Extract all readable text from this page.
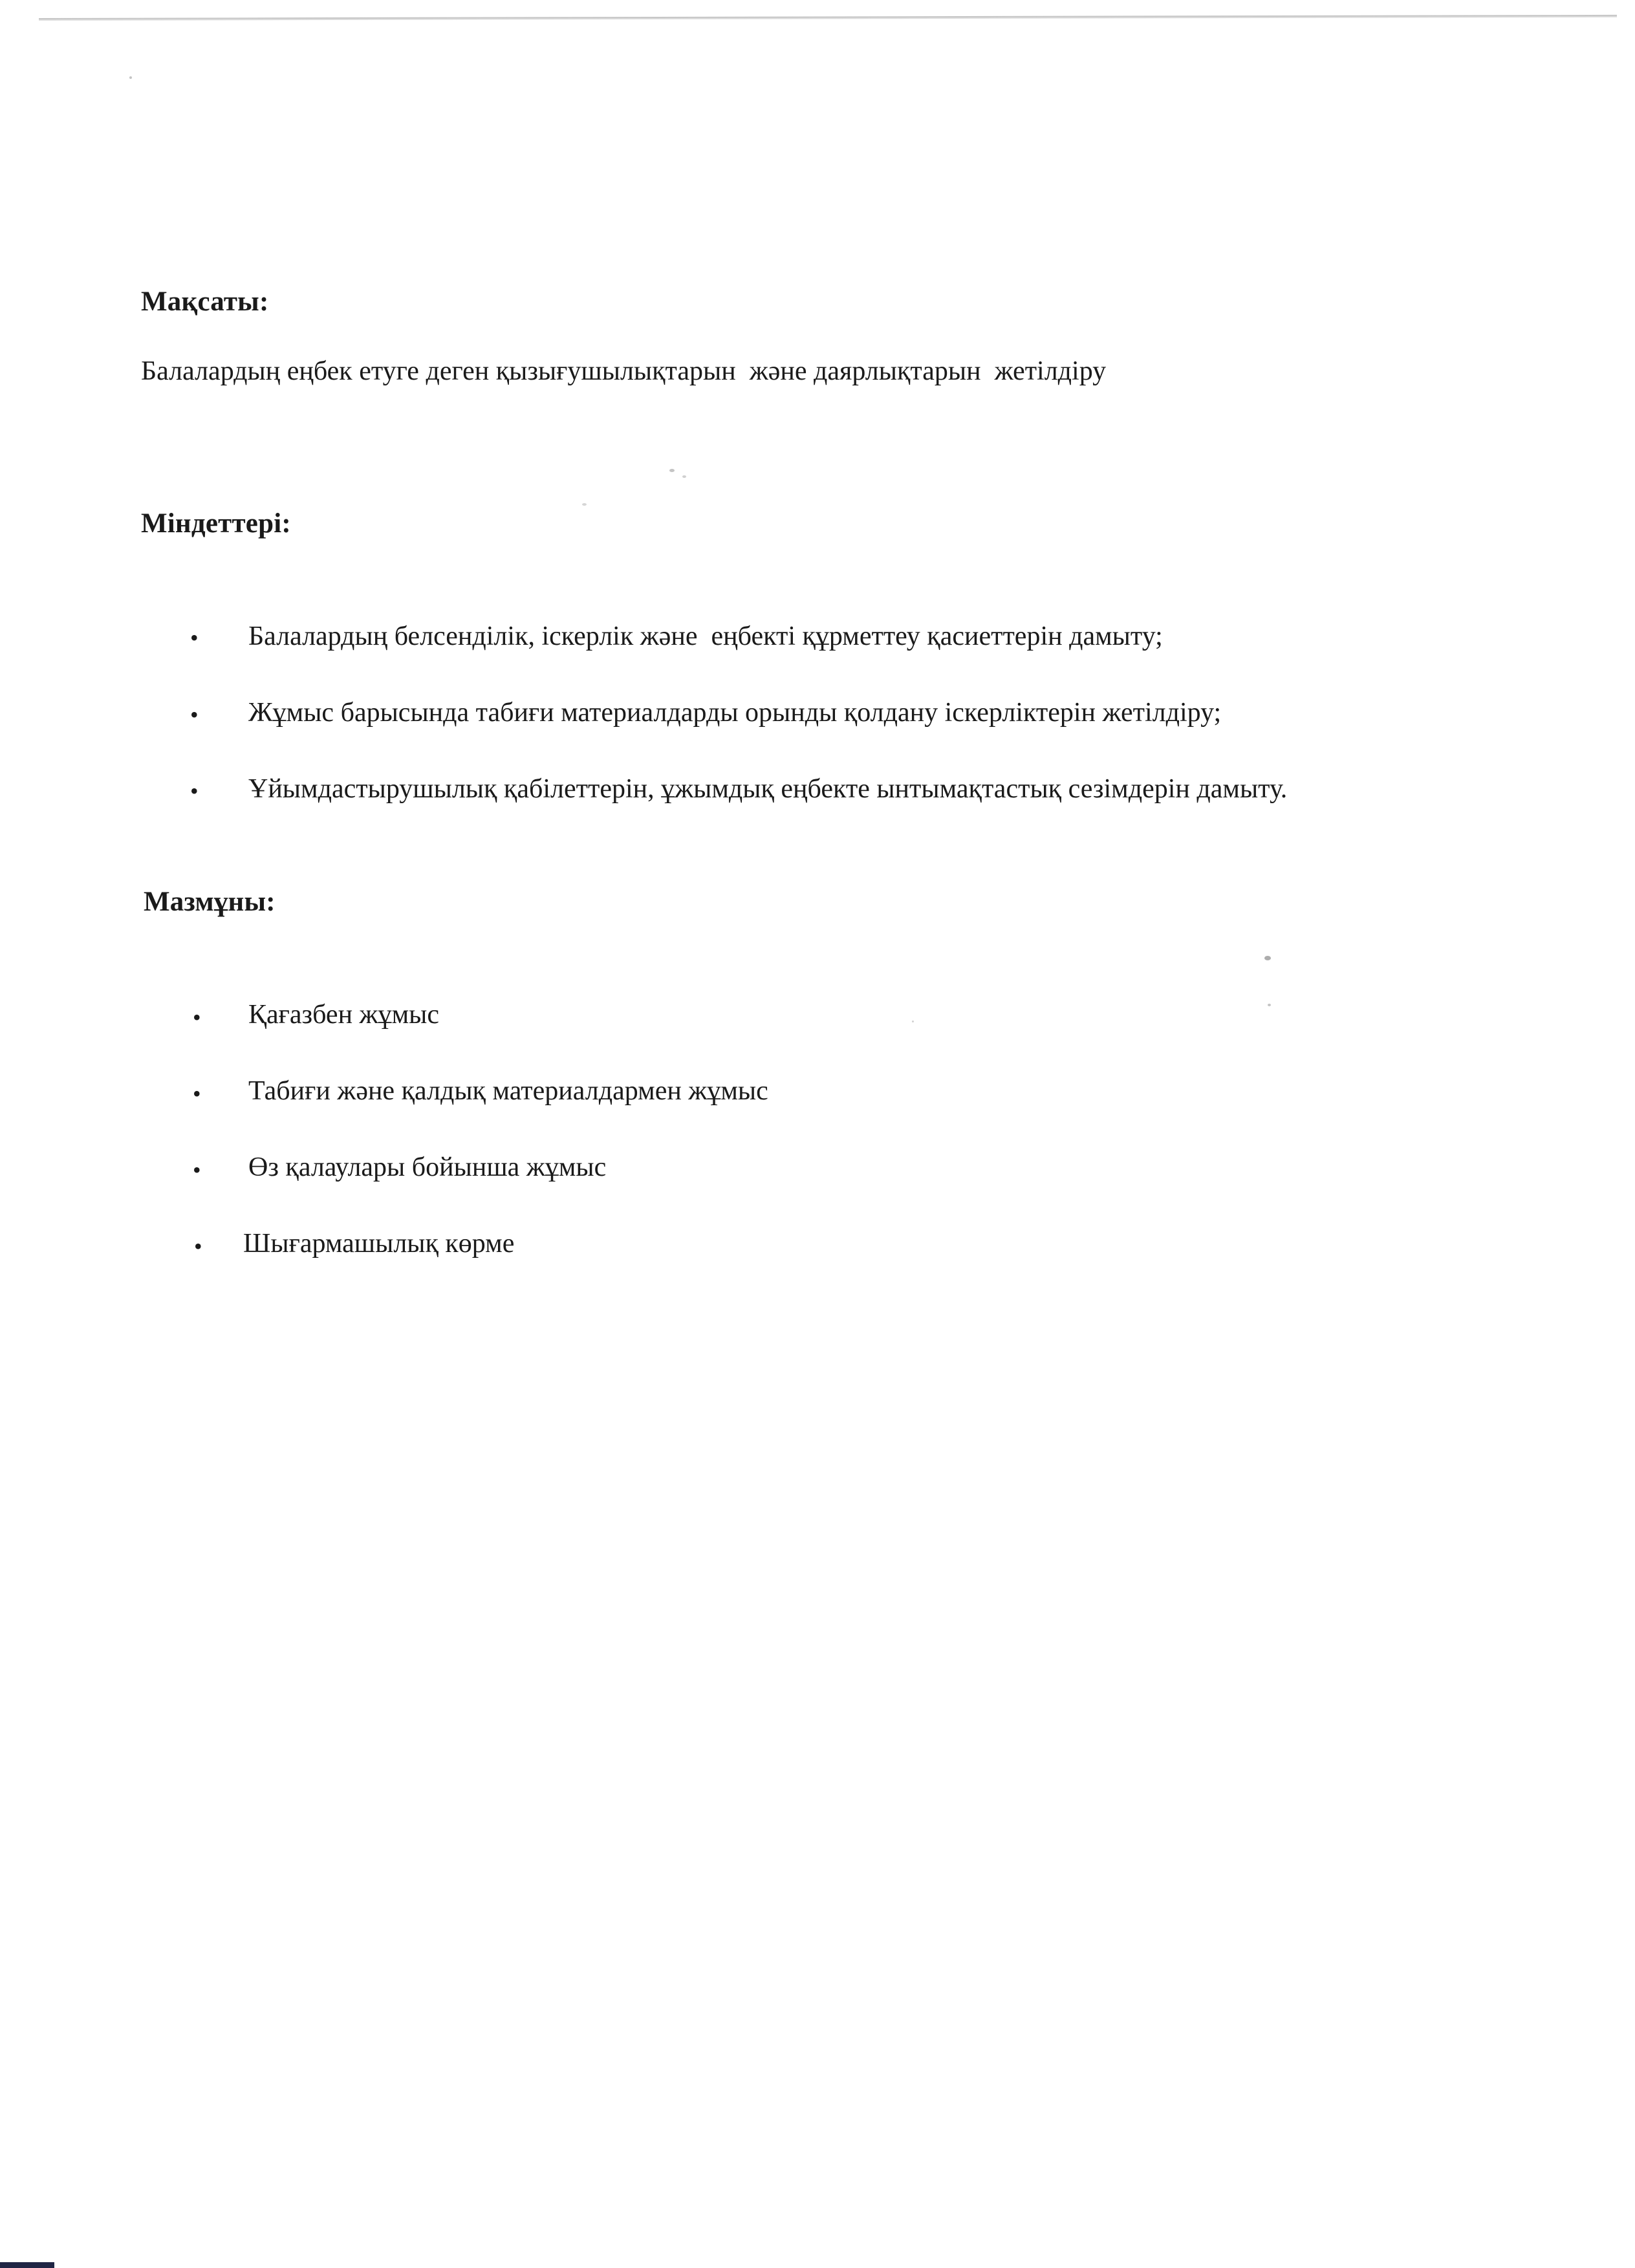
Мақсаты:
Балалардың еңбек етуге деген қызығушылықтарын  және даярлықтарын  жетілдіру
Міндеттері:
• Балалардың белсенділік, іскерлік және  еңбекті құрметтеу қасиеттерін дамыту;
• Жұмыс барысында табиғи материалдарды орынды қолдану іскерліктерін жетілдіру;
• Ұйымдастырушылық қабілеттерін, ұжымдық еңбекте ынтымақтастық сезімдерін дамыту.
Мазмұны:
• Қағазбен жұмыс
• Табиғи және қалдық материалдармен жұмыс
• Өз қалаулары бойынша жұмыс
• Шығармашылық көрме
